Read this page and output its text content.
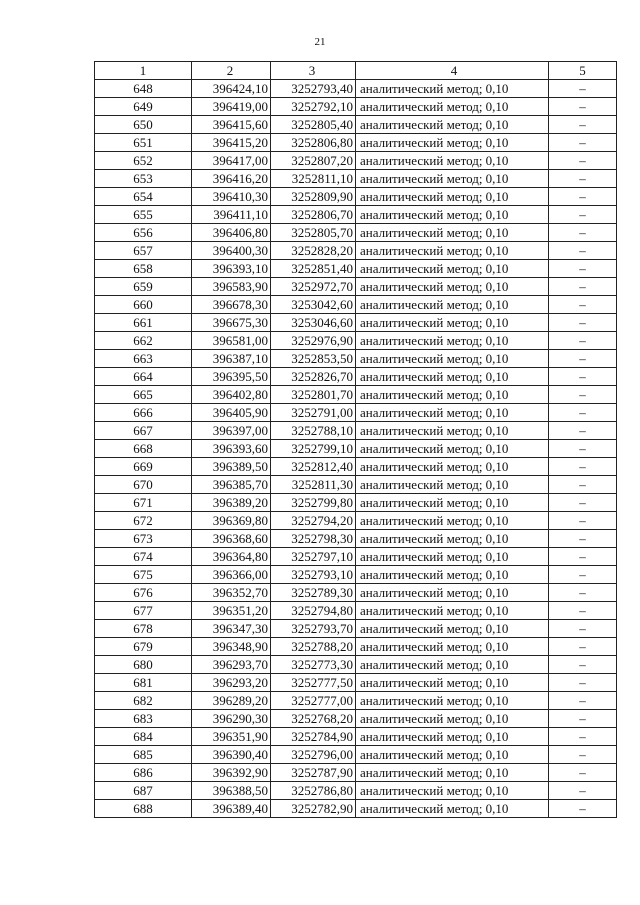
21
1	2	3	4	5
648	396424,10	3252793,40	аналитический метод; 0,10	–
649	396419,00	3252792,10	аналитический метод; 0,10	–
650	396415,60	3252805,40	аналитический метод; 0,10	–
651	396415,20	3252806,80	аналитический метод; 0,10	–
652	396417,00	3252807,20	аналитический метод; 0,10	–
653	396416,20	3252811,10	аналитический метод; 0,10	–
654	396410,30	3252809,90	аналитический метод; 0,10	–
655	396411,10	3252806,70	аналитический метод; 0,10	–
656	396406,80	3252805,70	аналитический метод; 0,10	–
657	396400,30	3252828,20	аналитический метод; 0,10	–
658	396393,10	3252851,40	аналитический метод; 0,10	–
659	396583,90	3252972,70	аналитический метод; 0,10	–
660	396678,30	3253042,60	аналитический метод; 0,10	–
661	396675,30	3253046,60	аналитический метод; 0,10	–
662	396581,00	3252976,90	аналитический метод; 0,10	–
663	396387,10	3252853,50	аналитический метод; 0,10	–
664	396395,50	3252826,70	аналитический метод; 0,10	–
665	396402,80	3252801,70	аналитический метод; 0,10	–
666	396405,90	3252791,00	аналитический метод; 0,10	–
667	396397,00	3252788,10	аналитический метод; 0,10	–
668	396393,60	3252799,10	аналитический метод; 0,10	–
669	396389,50	3252812,40	аналитический метод; 0,10	–
670	396385,70	3252811,30	аналитический метод; 0,10	–
671	396389,20	3252799,80	аналитический метод; 0,10	–
672	396369,80	3252794,20	аналитический метод; 0,10	–
673	396368,60	3252798,30	аналитический метод; 0,10	–
674	396364,80	3252797,10	аналитический метод; 0,10	–
675	396366,00	3252793,10	аналитический метод; 0,10	–
676	396352,70	3252789,30	аналитический метод; 0,10	–
677	396351,20	3252794,80	аналитический метод; 0,10	–
678	396347,30	3252793,70	аналитический метод; 0,10	–
679	396348,90	3252788,20	аналитический метод; 0,10	–
680	396293,70	3252773,30	аналитический метод; 0,10	–
681	396293,20	3252777,50	аналитический метод; 0,10	–
682	396289,20	3252777,00	аналитический метод; 0,10	–
683	396290,30	3252768,20	аналитический метод; 0,10	–
684	396351,90	3252784,90	аналитический метод; 0,10	–
685	396390,40	3252796,00	аналитический метод; 0,10	–
686	396392,90	3252787,90	аналитический метод; 0,10	–
687	396388,50	3252786,80	аналитический метод; 0,10	–
688	396389,40	3252782,90	аналитический метод; 0,10	–
